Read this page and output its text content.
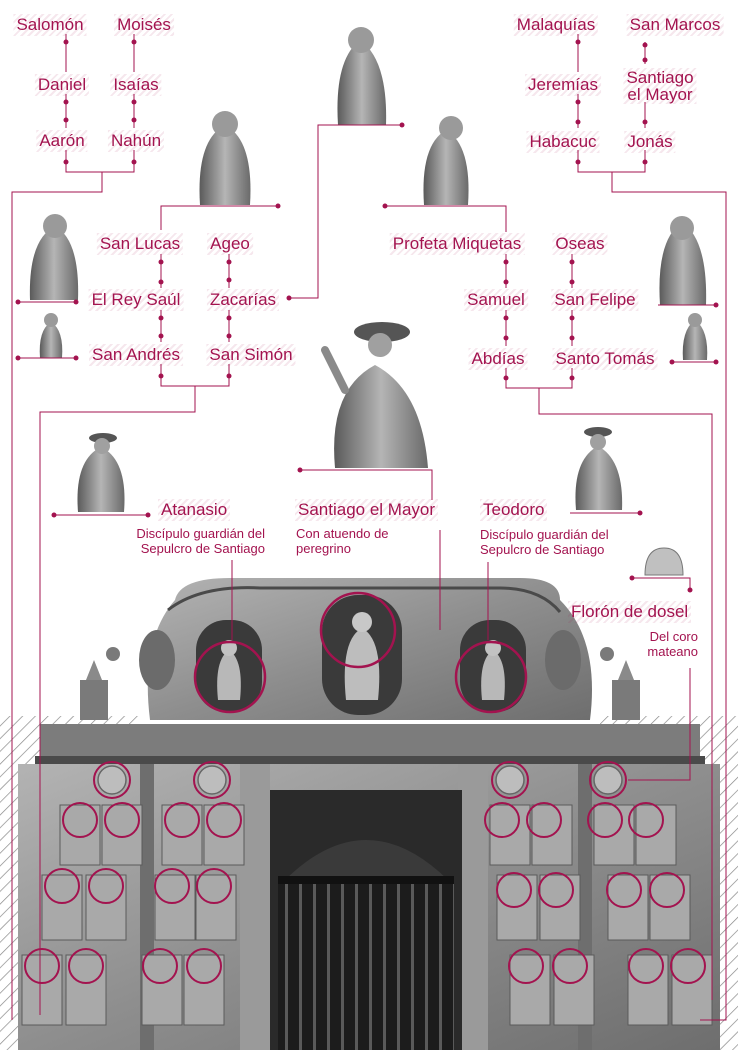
Salomón Moisés
Daniel Isaías
Aarón Nahún
Malaquías San Marcos
Jeremías Santiago
el Mayor
Habacuc Jonás
San Lucas Ageo
El Rey Saúl Zacarías
San Andrés San Simón
Profeta Miquetas Oseas
Samuel San Felipe
Abdías Santo Tomás
Atanasio	Santiago el Mayor	Teodoro
Florón de dosel
Discípulo guardián del
Sepulcro de Santiago
Con atuendo de
peregrino
Discípulo guardián del
Sepulcro de Santiago
Del coro
mateano
